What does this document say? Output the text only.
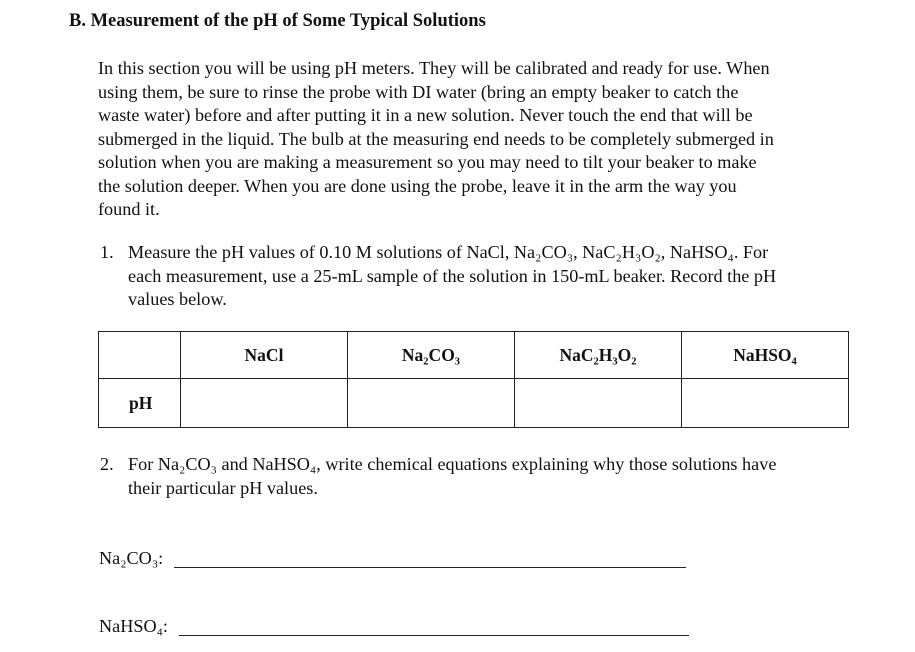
B. Measurement of the pH of Some Typical Solutions
In this section you will be using pH meters. They will be calibrated and ready for use. When
using them, be sure to rinse the probe with DI water (bring an empty beaker to catch the
waste water) before and after putting it in a new solution. Never touch the end that will be
submerged in the liquid. The bulb at the measuring end needs to be completely submerged in
solution when you are making a measurement so you may need to tilt your beaker to make
the solution deeper. When you are done using the probe, leave it in the arm the way you
found it.
1. Measure the pH values of 0.10 M solutions of NaCl, Na₂CO₃, NaC₂H₃O₂, NaHSO₄. For
each measurement, use a 25-mL sample of the solution in 150-mL beaker. Record the pH
values below.
	NaCl	Na₂CO₃	NaC₂H₃O₂	NaHSO₄
pH				
2. For Na₂CO₃ and NaHSO₄, write chemical equations explaining why those solutions have
their particular pH values.
Na₂CO₃:
NaHSO₄:
